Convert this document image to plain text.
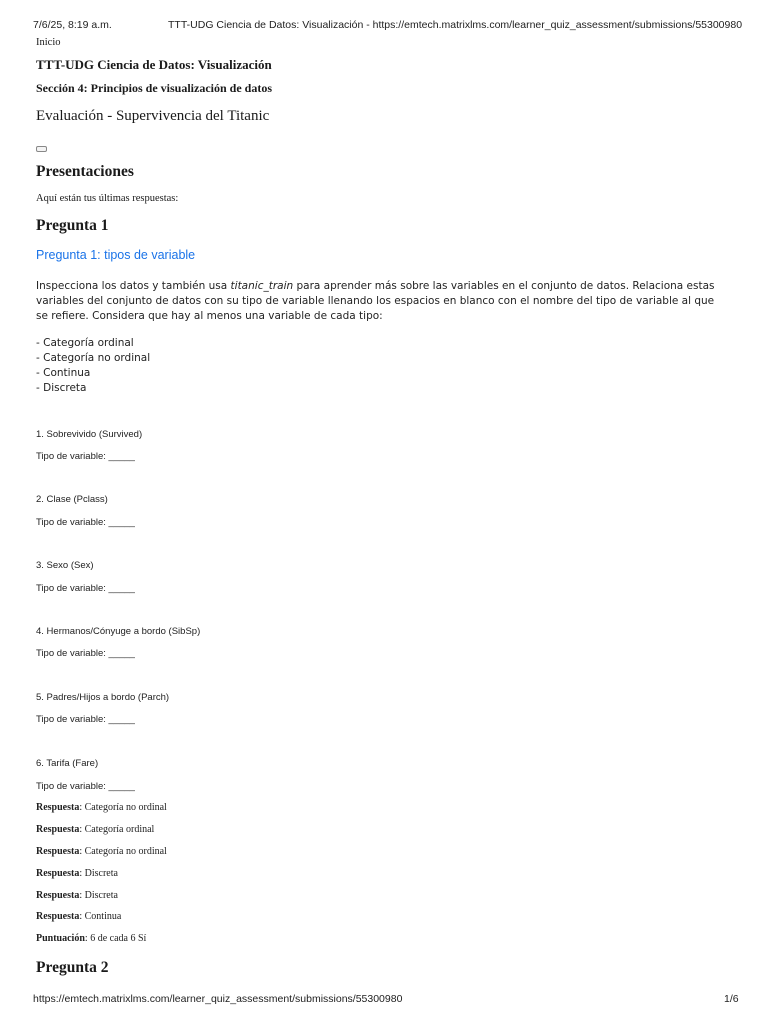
7/6/25, 8:19 a.m.	TTT-UDG Ciencia de Datos: Visualización - https://emtech.matrixlms.com/learner_quiz_assessment/submissions/55300980
Inicio
TTT-UDG Ciencia de Datos: Visualización
Sección 4: Principios de visualización de datos
Evaluación - Supervivencia del Titanic
Presentaciones
Aquí están tus últimas respuestas:
Pregunta 1
Pregunta 1: tipos de variable
Inspecciona los datos y también usa titanic_train para aprender más sobre las variables en el conjunto de datos. Relaciona estas variables del conjunto de datos con su tipo de variable llenando los espacios en blanco con el nombre del tipo de variable al que se refiere. Considera que hay al menos una variable de cada tipo:
- Categoría ordinal
- Categoría no ordinal
- Continua
- Discreta
1. Sobrevivido (Survived)
Tipo de variable: _____
2. Clase (Pclass)
Tipo de variable: _____
3. Sexo (Sex)
Tipo de variable: _____
4. Hermanos/Cónyuge a bordo (SibSp)
Tipo de variable: _____
5. Padres/Hijos a bordo (Parch)
Tipo de variable: _____
6. Tarifa (Fare)
Tipo de variable: _____
Respuesta: Categoría no ordinal
Respuesta: Categoría ordinal
Respuesta: Categoría no ordinal
Respuesta: Discreta
Respuesta: Discreta
Respuesta: Continua
Puntuación: 6 de cada 6 Sí
Pregunta 2
https://emtech.matrixlms.com/learner_quiz_assessment/submissions/55300980	1/6
